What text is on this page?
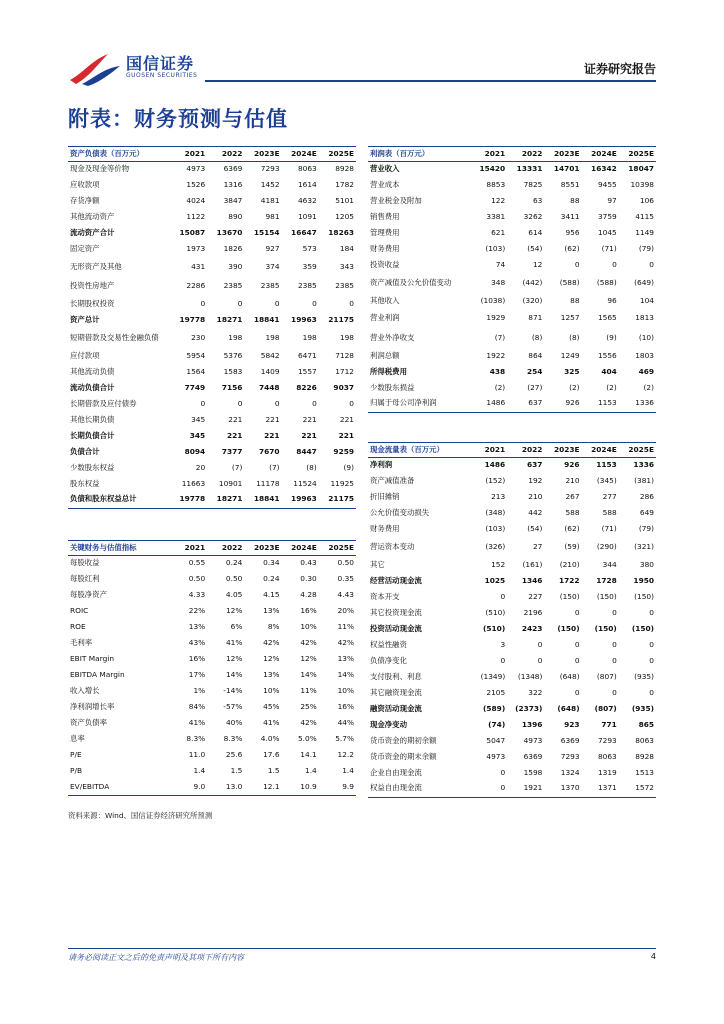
国信证券
GUOSEN SECURITIES	证券研究报告
附表：财务预测与估值
资产负债表（百万元）	2021	2022	2023E	2024E	2025E
现金及现金等价物	4973	6369	7293	8063	8928
应收款项	1526	1316	1452	1614	1782
存货净额	4024	3847	4181	4632	5101
其他流动资产	1122	890	981	1091	1205
流动资产合计	15087	13670	15154	16647	18263
固定资产	1973	1826	927	573	184
无形资产及其他	431	390	374	359	343
投资性房地产	2286	2385	2385	2385	2385
长期股权投资	0	0	0	0	0
资产总计	19778	18271	18841	19963	21175
短期借款及交易性金融负债	230	198	198	198	198
应付款项	5954	5376	5842	6471	7128
其他流动负债	1564	1583	1409	1557	1712
流动负债合计	7749	7156	7448	8226	9037
长期借款及应付债券	0	0	0	0	0
其他长期负债	345	221	221	221	221
长期负债合计	345	221	221	221	221
负债合计	8094	7377	7670	8447	9259
少数股东权益	20	(7)	(7)	(8)	(9)
股东权益	11663	10901	11178	11524	11925
负债和股东权益总计	19778	18271	18841	19963	21175
利润表（百万元）	2021	2022	2023E	2024E	2025E
营业收入	15420	13331	14701	16342	18047
营业成本	8853	7825	8551	9455	10398
营业税金及附加	122	63	88	97	106
销售费用	3381	3262	3411	3759	4115
管理费用	621	614	956	1045	1149
财务费用	(103)	(54)	(62)	(71)	(79)
投资收益	74	12	0	0	0
资产减值及公允价值变动	348	(442)	(588)	(588)	(649)
其他收入	(1038)	(320)	88	96	104
营业利润	1929	871	1257	1565	1813
营业外净收支	(7)	(8)	(8)	(9)	(10)
利润总额	1922	864	1249	1556	1803
所得税费用	438	254	325	404	469
少数股东损益	(2)	(27)	(2)	(2)	(2)
归属于母公司净利润	1486	637	926	1153	1336
关键财务与估值指标	2021	2022	2023E	2024E	2025E
每股收益	0.55	0.24	0.34	0.43	0.50
每股红利	0.50	0.50	0.24	0.30	0.35
每股净资产	4.33	4.05	4.15	4.28	4.43
ROIC	22%	12%	13%	16%	20%
ROE	13%	6%	8%	10%	11%
毛利率	43%	41%	42%	42%	42%
EBIT Margin	16%	12%	12%	12%	13%
EBITDA Margin	17%	14%	13%	14%	14%
收入增长	1%	-14%	10%	11%	10%
净利润增长率	84%	-57%	45%	25%	16%
资产负债率	41%	40%	41%	42%	44%
息率	8.3%	8.3%	4.0%	5.0%	5.7%
P/E	11.0	25.6	17.6	14.1	12.2
P/B	1.4	1.5	1.5	1.4	1.4
EV/EBITDA	9.0	13.0	12.1	10.9	9.9
现金流量表（百万元）	2021	2022	2023E	2024E	2025E
净利润	1486	637	926	1153	1336
资产减值准备	(152)	192	210	(345)	(381)
折旧摊销	213	210	267	277	286
公允价值变动损失	(348)	442	588	588	649
财务费用	(103)	(54)	(62)	(71)	(79)
营运资本变动	(326)	27	(59)	(290)	(321)
其它	152	(161)	(210)	344	380
经营活动现金流	1025	1346	1722	1728	1950
资本开支	0	227	(150)	(150)	(150)
其它投资现金流	(510)	2196	0	0	0
投资活动现金流	(510)	2423	(150)	(150)	(150)
权益性融资	3	0	0	0	0
负债净变化	0	0	0	0	0
支付股利、利息	(1349)	(1348)	(648)	(807)	(935)
其它融资现金流	2105	322	0	0	0
融资活动现金流	(589)	(2373)	(648)	(807)	(935)
现金净变动	(74)	1396	923	771	865
货币资金的期初余额	5047	4973	6369	7293	8063
货币资金的期末余额	4973	6369	7293	8063	8928
企业自由现金流	0	1598	1324	1319	1513
权益自由现金流	0	1921	1370	1371	1572
资料来源：Wind、国信证券经济研究所预测
请务必阅读正文之后的免责声明及其项下所有内容	4
